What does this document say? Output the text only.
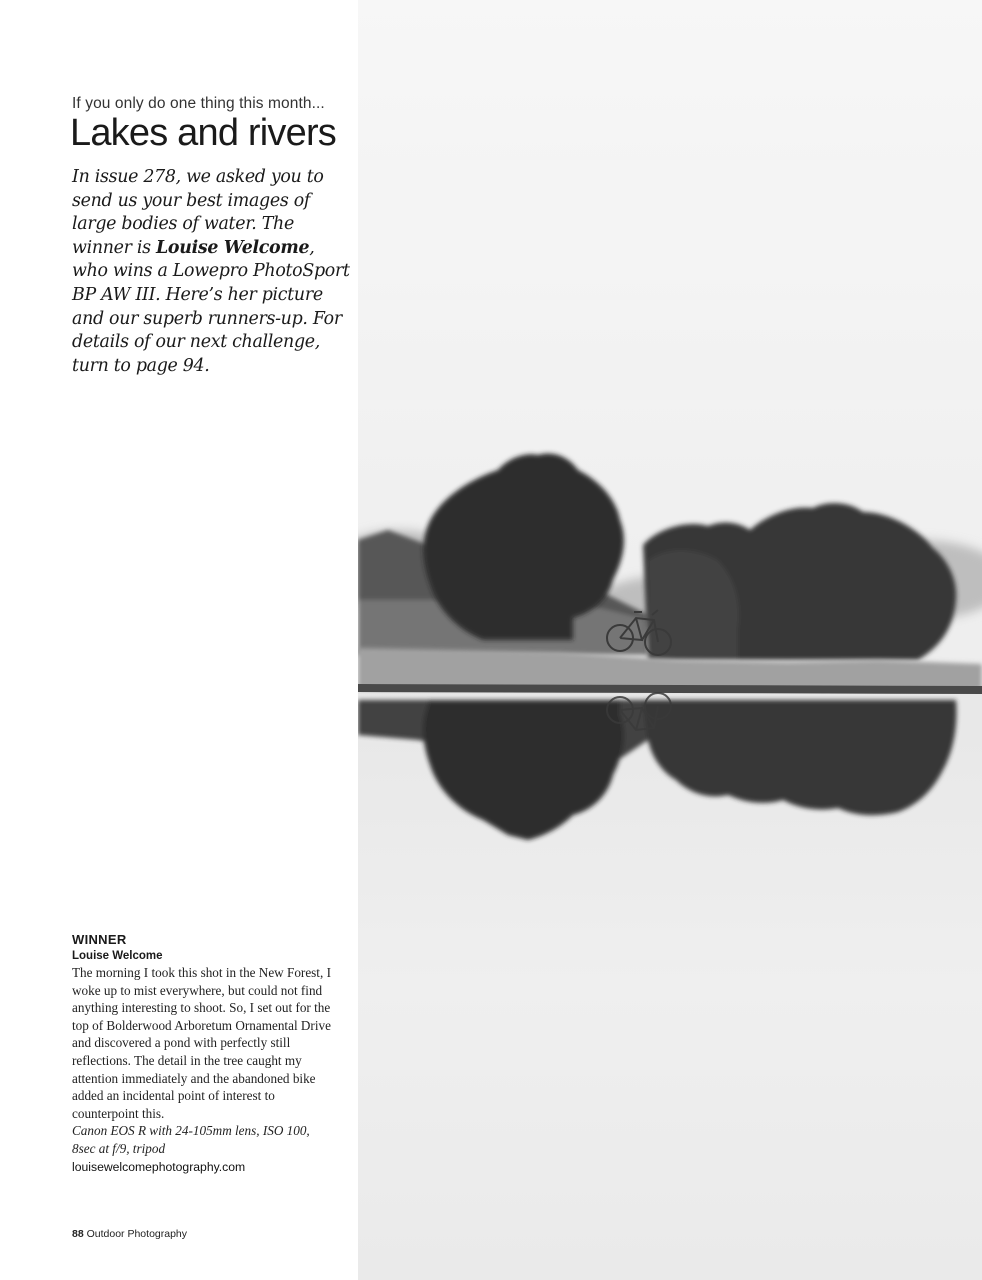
If you only do one thing this month...
Lakes and rivers

In issue 278, we asked you to send us your best images of large bodies of water. The winner is Louise Welcome, who wins a Lowepro PhotoSport BP AW III. Here’s her picture and our superb runners-up. For details of our next challenge, turn to page 94.

WINNER
Louise Welcome
The morning I took this shot in the New Forest, I woke up to mist everywhere, but could not find anything interesting to shoot. So, I set out for the top of Bolderwood Arboretum Ornamental Drive and discovered a pond with perfectly still reflections. The detail in the tree caught my attention immediately and the abandoned bike added an incidental point of interest to counterpoint this.
Canon EOS R with 24-105mm lens, ISO 100, 8sec at f/9, tripod
louisewelcomephotography.com
88 Outdoor Photography
